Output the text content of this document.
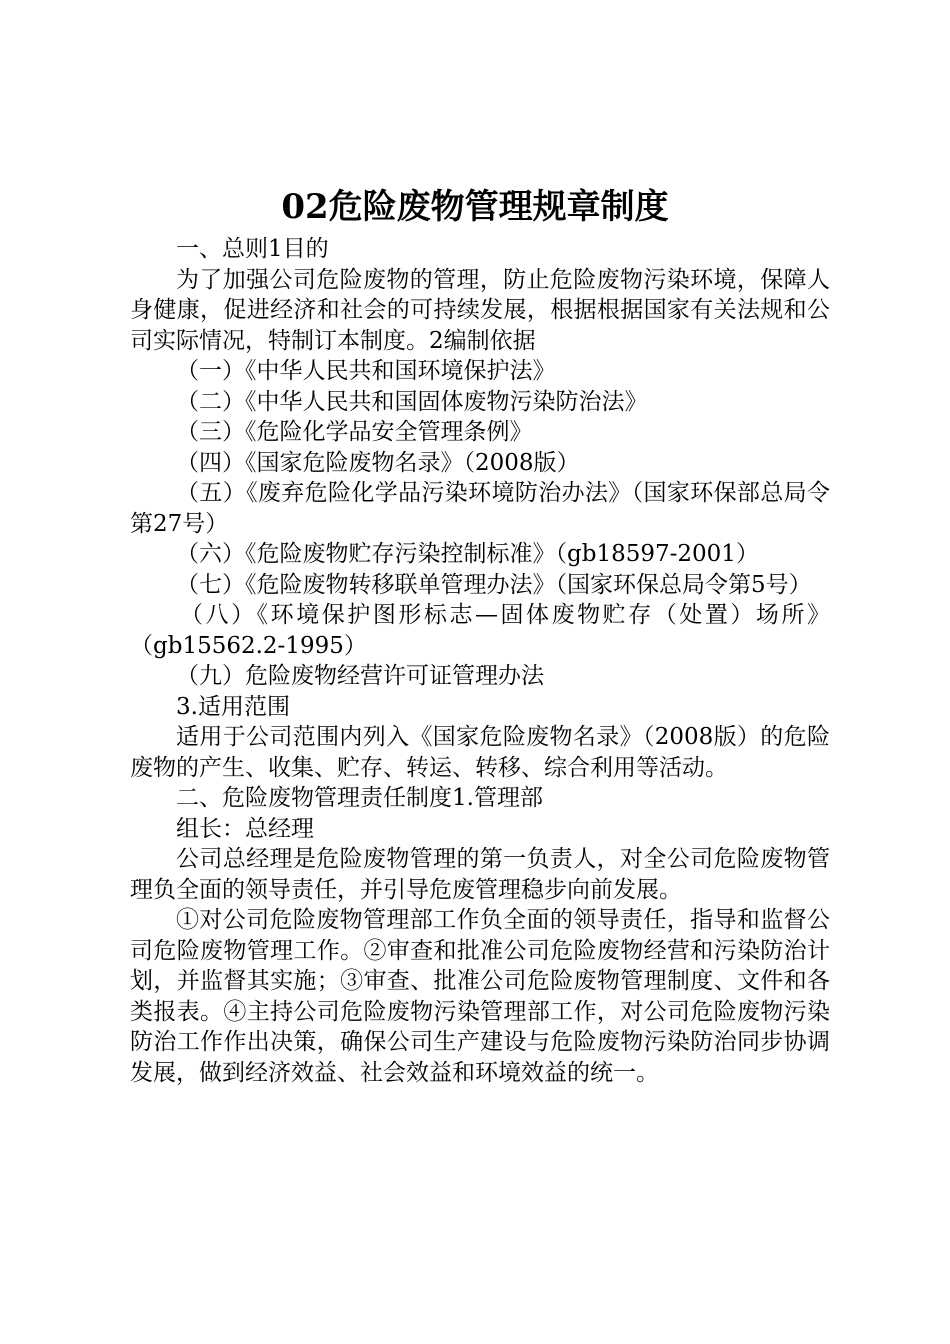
02危险废物管理规章制度

一、总则1目的

为了加强公司危险废物的管理，防止危险废物污染环境，保障人身健康，促进经济和社会的可持续发展，根据根据国家有关法规和公司实际情况，特制订本制度。2编制依据

（一）《中华人民共和国环境保护法》

（二）《中华人民共和国固体废物污染防治法》

（三）《危险化学品安全管理条例》

（四）《国家危险废物名录》（2008版）

（五）《废弃危险化学品污染环境防治办法》（国家环保部总局令第27号）

（六）《危险废物贮存污染控制标准》（gb18597-2001）

（七）《危险废物转移联单管理办法》（国家环保总局令第5号）

（八）《环境保护图形标志—固体废物贮存（处置）场所》（gb15562.2-1995）

（九）危险废物经营许可证管理办法

3.适用范围

适用于公司范围内列入《国家危险废物名录》（2008版）的危险废物的产生、收集、贮存、转运、转移、综合利用等活动。

二、危险废物管理责任制度1.管理部

组长：总经理

公司总经理是危险废物管理的第一负责人，对全公司危险废物管理负全面的领导责任，并引导危废管理稳步向前发展。

①对公司危险废物管理部工作负全面的领导责任，指导和监督公司危险废物管理工作。②审查和批准公司危险废物经营和污染防治计划，并监督其实施；③审查、批准公司危险废物管理制度、文件和各类报表。④主持公司危险废物污染管理部工作，对公司危险废物污染防治工作作出决策，确保公司生产建设与危险废物污染防治同步协调发展，做到经济效益、社会效益和环境效益的统一。
